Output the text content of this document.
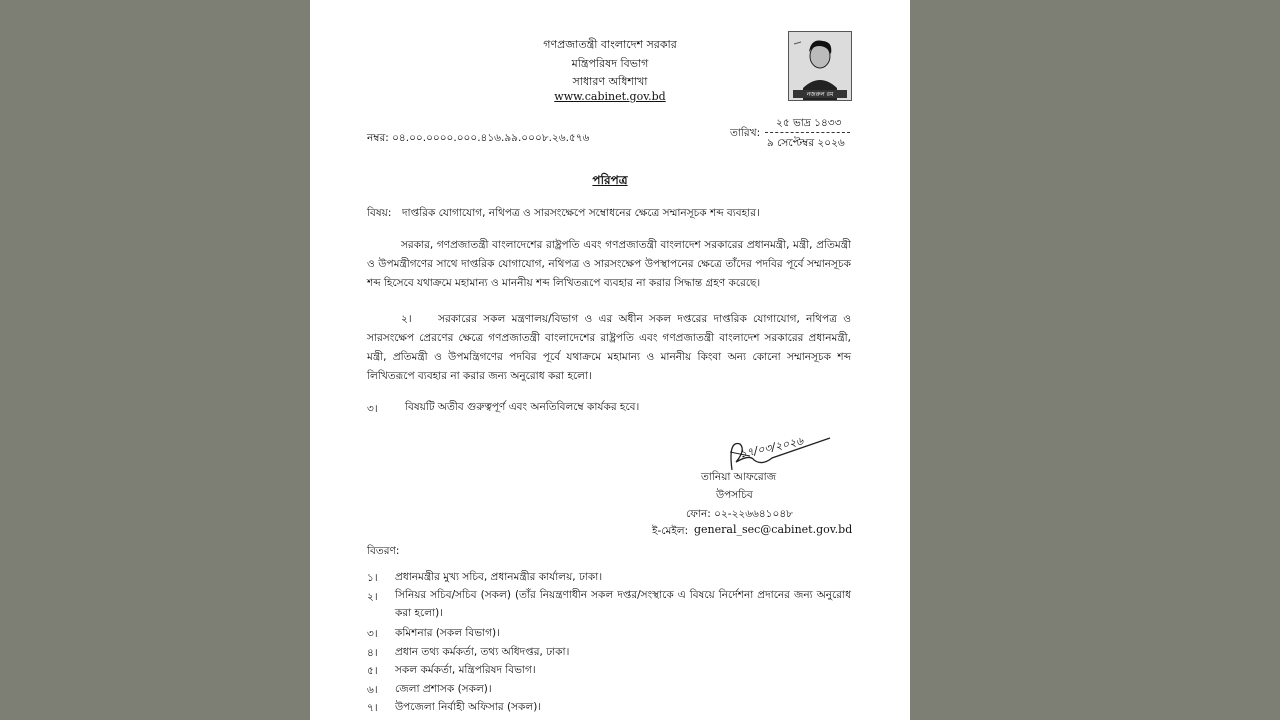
গণপ্রজাতন্ত্রী বাংলাদেশ সরকার
মন্ত্রিপরিষদ বিভাগ
সাধারণ অধিশাখা
www.cabinet.gov.bd	নজরুল রম
নম্বর: ০৪.০০.০০০০.০০০.৪১৬.৯৯.০০০৮.২৬.৫৭৬	তারিখ:
২৫ ভাদ্র ১৪৩৩
৯ সেপ্টেম্বর ২০২৬
পরিপত্র
বিষয়: দাপ্তরিক যোগাযোগ, নথিপত্র ও সারসংক্ষেপে সম্বোধনের ক্ষেত্রে সম্মানসূচক শব্দ ব্যবহার।
সরকার, গণপ্রজাতন্ত্রী বাংলাদেশের রাষ্ট্রপতি এবং গণপ্রজাতন্ত্রী বাংলাদেশ সরকারের প্রধানমন্ত্রী, মন্ত্রী, প্রতিমন্ত্রী ও উপমন্ত্রীগণের সাথে দাপ্তরিক যোগাযোগ, নথিপত্র ও সারসংক্ষেপ উপস্থাপনের ক্ষেত্রে তাঁদের পদবির পূর্বে সম্মানসূচক শব্দ হিসেবে যথাক্রমে মহামান্য ও মাননীয় শব্দ লিখিতরূপে ব্যবহার না করার সিদ্ধান্ত গ্রহণ করেছে।
২।	সরকারের সকল মন্ত্রণালয়/বিভাগ ও এর অধীন সকল দপ্তরের দাপ্তরিক যোগাযোগ, নথিপত্র ও সারসংক্ষেপ প্রেরণের ক্ষেত্রে গণপ্রজাতন্ত্রী বাংলাদেশের রাষ্ট্রপতি এবং গণপ্রজাতন্ত্রী বাংলাদেশ সরকারের প্রধানমন্ত্রী, মন্ত্রী, প্রতিমন্ত্রী ও উপমন্ত্রিগণের পদবির পূর্বে যথাক্রমে মহামান্য ও মাননীয় কিংবা অন্য কোনো সম্মানসূচক শব্দ লিখিতরূপে ব্যবহার না করার জন্য অনুরোধ করা হলো।
৩।	বিষয়টি অতীব গুরুত্বপূর্ণ এবং অনতিবিলম্বে কার্যকর হবে।
১৭/০৩/২০২৬
তানিয়া আফরোজ
উপসচিব
ফোন: ০২-২২৬৬৪১০৪৮
ই-মেইল: general_sec@cabinet.gov.bd
বিতরণ:
১। প্রধানমন্ত্রীর মুখ্য সচিব, প্রধানমন্ত্রীর কার্যালয়, ঢাকা।
২। সিনিয়র সচিব/সচিব (সকল) (তাঁর নিয়ন্ত্রণাধীন সকল দপ্তর/সংস্থাকে এ বিষয়ে নির্দেশনা প্রদানের জন্য অনুরোধ করা হলো)।
৩। কমিশনার (সকল বিভাগ)।
৪। প্রধান তথ্য কর্মকর্তা, তথ্য অধিদপ্তর, ঢাকা।
৫। সকল কর্মকর্তা, মন্ত্রিপরিষদ বিভাগ।
৬। জেলা প্রশাসক (সকল)।
৭। উপজেলা নির্বাহী অফিসার (সকল)।
